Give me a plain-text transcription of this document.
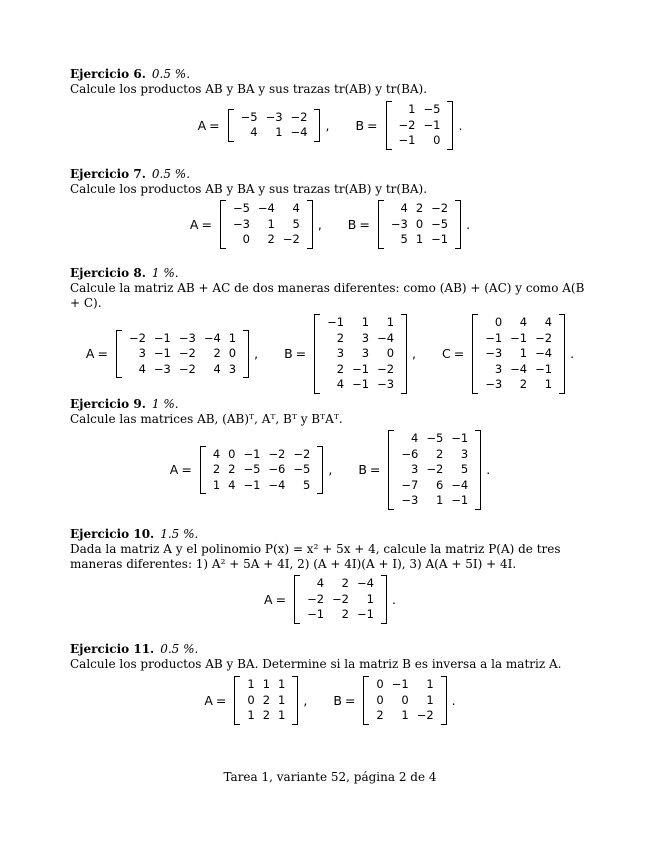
Ejercicio 6. 0.5 %.
Calcule los productos AB y BA y sus trazas tr(AB) y tr(BA).
A =
−5	−3	−2
4	1	−4 , B =
1	−5
−2	−1
−1	0
.
Ejercicio 7. 0.5 %.
Calcule los productos AB y BA y sus trazas tr(AB) y tr(BA).
A =
−5	−4	4
−3	1	5
0	2	−2
, B =
4	2	−2
−3	0	−5
5	1	−1
.
Ejercicio 8. 1 %.
Calcule la matriz AB + AC de dos maneras diferentes: como (AB) + (AC) y como A(B + C).
A =
−2	−1	−3	−4	1
3	−1	−2	2	0
4	−3	−2	4	3
, B =
−1	1	1
2	3	−4
3	3	0
2	−1	−2
4	−1	−3
, C =
0	4	4
−1	−1	−2
−3	1	−4
3	−4	−1
−3	2	1
.
Ejercicio 9. 1 %.
Calcule las matrices AB, (AB)ᵀ, Aᵀ, Bᵀ y BᵀAᵀ.
A =
4	0	−1	−2	−2
2	2	−5	−6	−5
1	4	−1	−4	5
, B =
4	−5	−1
−6	2	3
3	−2	5
−7	6	−4
−3	1	−1
.
Ejercicio 10. 1.5 %.
Dada la matriz A y el polinomio P(x) = x² + 5x + 4, calcule la matriz P(A) de tres maneras diferentes: 1) A² + 5A + 4I, 2) (A + 4I)(A + I), 3) A(A + 5I) + 4I.
A =
4	2	−4
−2	−2	1
−1	2	−1
.
Ejercicio 11. 0.5 %.
Calcule los productos AB y BA. Determine si la matriz B es inversa a la matriz A.
A =
1	1	1
0	2	1
1	2	1
, B =
0	−1	1
0	0	1
2	1	−2
.
Tarea 1, variante 52, página 2 de 4
